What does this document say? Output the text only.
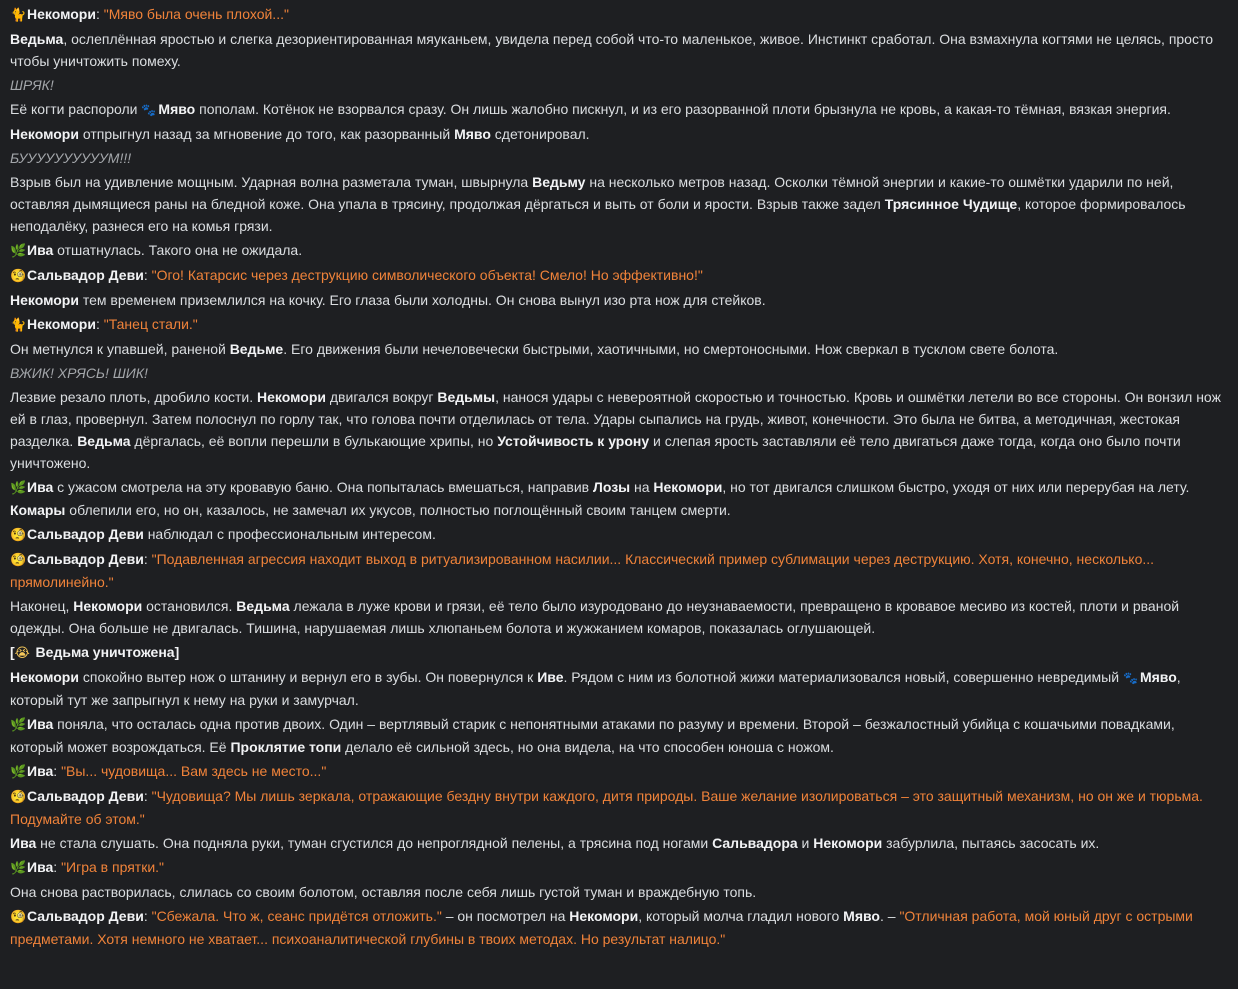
🐈Некомори: "Мяво была очень плохой..."
Ведьма, ослеплённая яростью и слегка дезориентированная мяуканьем, увидела перед собой что-то маленькое, живое. Инстинкт сработал. Она взмахнула когтями не целясь, просто чтобы уничтожить помеху.
ШРЯК!
Её когти распороли 🐾 Мяво пополам. Котёнок не взорвался сразу. Он лишь жалобно пискнул, и из его разорванной плоти брызнула не кровь, а какая-то тёмная, вязкая энергия.
Некомори отпрыгнул назад за мгновение до того, как разорванный Мяво сдетонировал.
БУУУУУУУУУУМ!!!
Взрыв был на удивление мощным. Ударная волна разметала туман, швырнула Ведьму на несколько метров назад. Осколки тёмной энергии и какие-то ошмётки ударили по ней, оставляя дымящиеся раны на бледной коже. Она упала в трясину, продолжая дёргаться и выть от боли и ярости. Взрыв также задел Трясинное Чудище, которое формировалось неподалёку, разнеся его на комья грязи.
🌿Ива отшатнулась. Такого она не ожидала.
🧐Сальвадор Деви: "Ого! Катарсис через деструкцию символического объекта! Смело! Но эффективно!"
Некомори тем временем приземлился на кочку. Его глаза были холодны. Он снова вынул изо рта нож для стейков.
🐈Некомори: "Танец стали."
Он метнулся к упавшей, раненой Ведьме. Его движения были нечеловечески быстрыми, хаотичными, но смертоносными. Нож сверкал в тусклом свете болота.
ВЖИК! ХРЯСЬ! ШИК!
Лезвие резало плоть, дробило кости. Некомори двигался вокруг Ведьмы, нанося удары с невероятной скоростью и точностью. Кровь и ошмётки летели во все стороны. Он вонзил нож ей в глаз, провернул. Затем полоснул по горлу так, что голова почти отделилась от тела. Удары сыпались на грудь, живот, конечности. Это была не битва, а методичная, жестокая разделка. Ведьма дёргалась, её вопли перешли в булькающие хрипы, но Устойчивость к урону и слепая ярость заставляли её тело двигаться даже тогда, когда оно было почти уничтожено.
🌿Ива с ужасом смотрела на эту кровавую баню. Она попыталась вмешаться, направив Лозы на Некомори, но тот двигался слишком быстро, уходя от них или перерубая на лету. Комары облепили его, но он, казалось, не замечал их укусов, полностью поглощённый своим танцем смерти.
🧐Сальвадор Деви наблюдал с профессиональным интересом.
🧐Сальвадор Деви: "Подавленная агрессия находит выход в ритуализированном насилии... Классический пример сублимации через деструкцию. Хотя, конечно, несколько... прямолинейно."
Наконец, Некомори остановился. Ведьма лежала в луже крови и грязи, её тело было изуродовано до неузнаваемости, превращено в кровавое месиво из костей, плоти и рваной одежды. Она больше не двигалась. Тишина, нарушаемая лишь хлюпаньем болота и жужжанием комаров, показалась оглушающей.
[😭 Ведьма уничтожена]
Некомори спокойно вытер нож о штанину и вернул его в зубы. Он повернулся к Иве. Рядом с ним из болотной жижи материализовался новый, совершенно невредимый 🐾 Мяво, который тут же запрыгнул к нему на руки и замурчал.
🌿Ива поняла, что осталась одна против двоих. Один – вертлявый старик с непонятными атаками по разуму и времени. Второй – безжалостный убийца с кошачьими повадками, который может возрождаться. Её Проклятие топи делало её сильной здесь, но она видела, на что способен юноша с ножом.
🌿Ива: "Вы... чудовища... Вам здесь не место..."
🧐Сальвадор Деви: "Чудовища? Мы лишь зеркала, отражающие бездну внутри каждого, дитя природы. Ваше желание изолироваться – это защитный механизм, но он же и тюрьма. Подумайте об этом."
Ива не стала слушать. Она подняла руки, туман сгустился до непроглядной пелены, а трясина под ногами Сальвадора и Некомори забурлила, пытаясь засосать их.
🌿Ива: "Игра в прятки."
Она снова растворилась, слилась со своим болотом, оставляя после себя лишь густой туман и враждебную топь.
🧐Сальвадор Деви: "Сбежала. Что ж, сеанс придётся отложить." – он посмотрел на Некомори, который молча гладил нового Мяво. – "Отличная работа, мой юный друг с острыми предметами. Хотя немного не хватает... психоаналитической глубины в твоих методах. Но результат налицо."
